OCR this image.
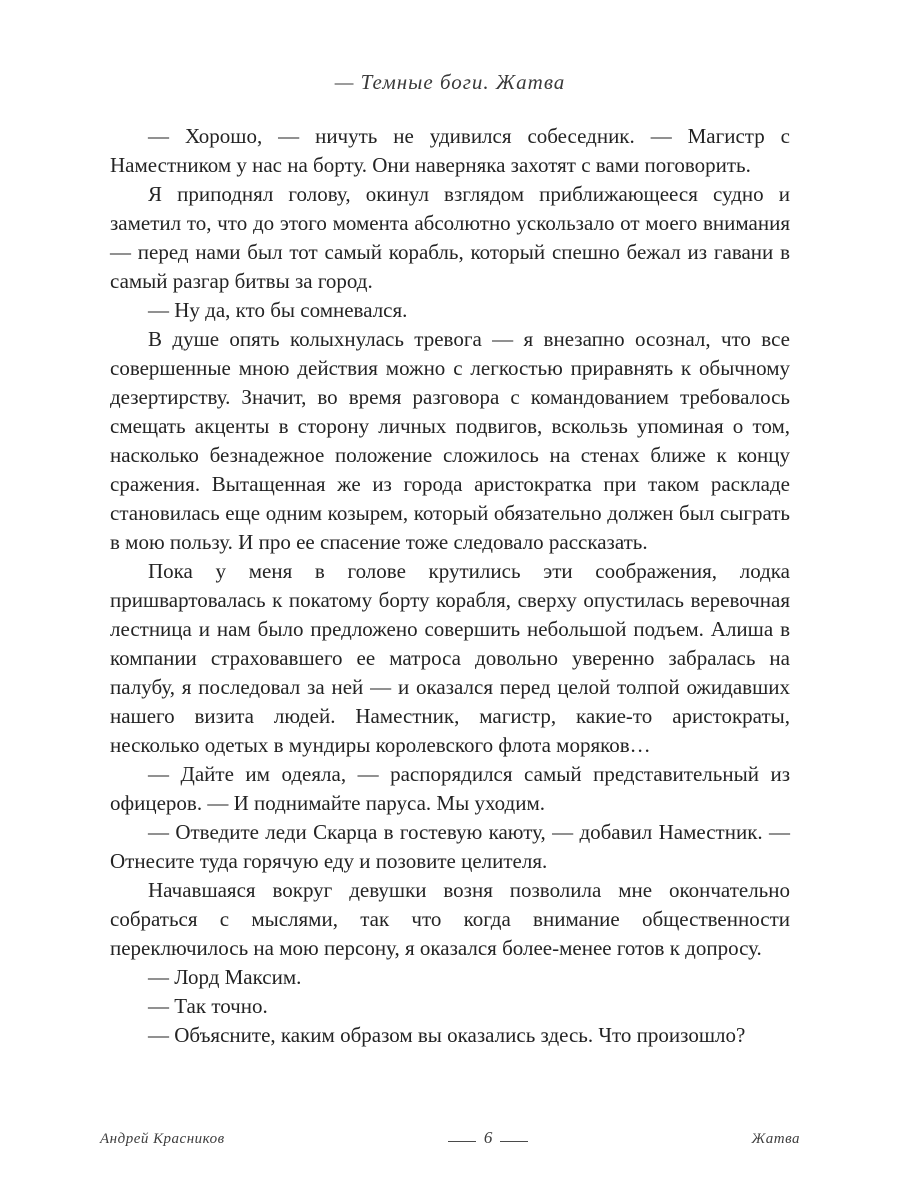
— Темные боги. Жатва

— Хорошо, — ничуть не удивился собеседник. — Магистр с Наместником у нас на борту. Они наверняка захотят с вами поговорить.

Я приподнял голову, окинул взглядом приближающееся судно и заметил то, что до этого момента абсолютно ускользало от моего внимания — перед нами был тот самый корабль, который спешно бежал из гавани в самый разгар битвы за город.

— Ну да, кто бы сомневался.

В душе опять колыхнулась тревога — я внезапно осознал, что все совершенные мною действия можно с легкостью приравнять к обычному дезертирству. Значит, во время разговора с командованием требовалось смещать акценты в сторону личных подвигов, вскользь упоминая о том, насколько безнадежное положение сложилось на стенах ближе к концу сражения. Вытащенная же из города аристократка при таком раскладе становилась еще одним козырем, который обязательно должен был сыграть в мою пользу. И про ее спасение тоже следовало рассказать.

Пока у меня в голове крутились эти соображения, лодка пришвартовалась к покатому борту корабля, сверху опустилась веревочная лестница и нам было предложено совершить небольшой подъем. Алиша в компании страховавшего ее матроса довольно уверенно забралась на палубу, я последовал за ней — и оказался перед целой толпой ожидавших нашего визита людей. Наместник, магистр, какие-то аристократы, несколько одетых в мундиры королевского флота моряков…

— Дайте им одеяла, — распорядился самый представительный из офицеров. — И поднимайте паруса. Мы уходим.

— Отведите леди Скарца в гостевую каюту, — добавил Наместник. — Отнесите туда горячую еду и позовите целителя.

Начавшаяся вокруг девушки возня позволила мне окончательно собраться с мыслями, так что когда внимание общественности переключилось на мою персону, я оказался более-менее готов к допросу.

— Лорд Максим.

— Так точно.

— Объясните, каким образом вы оказались здесь. Что произошло?

Андрей Красников	6	Жатва
